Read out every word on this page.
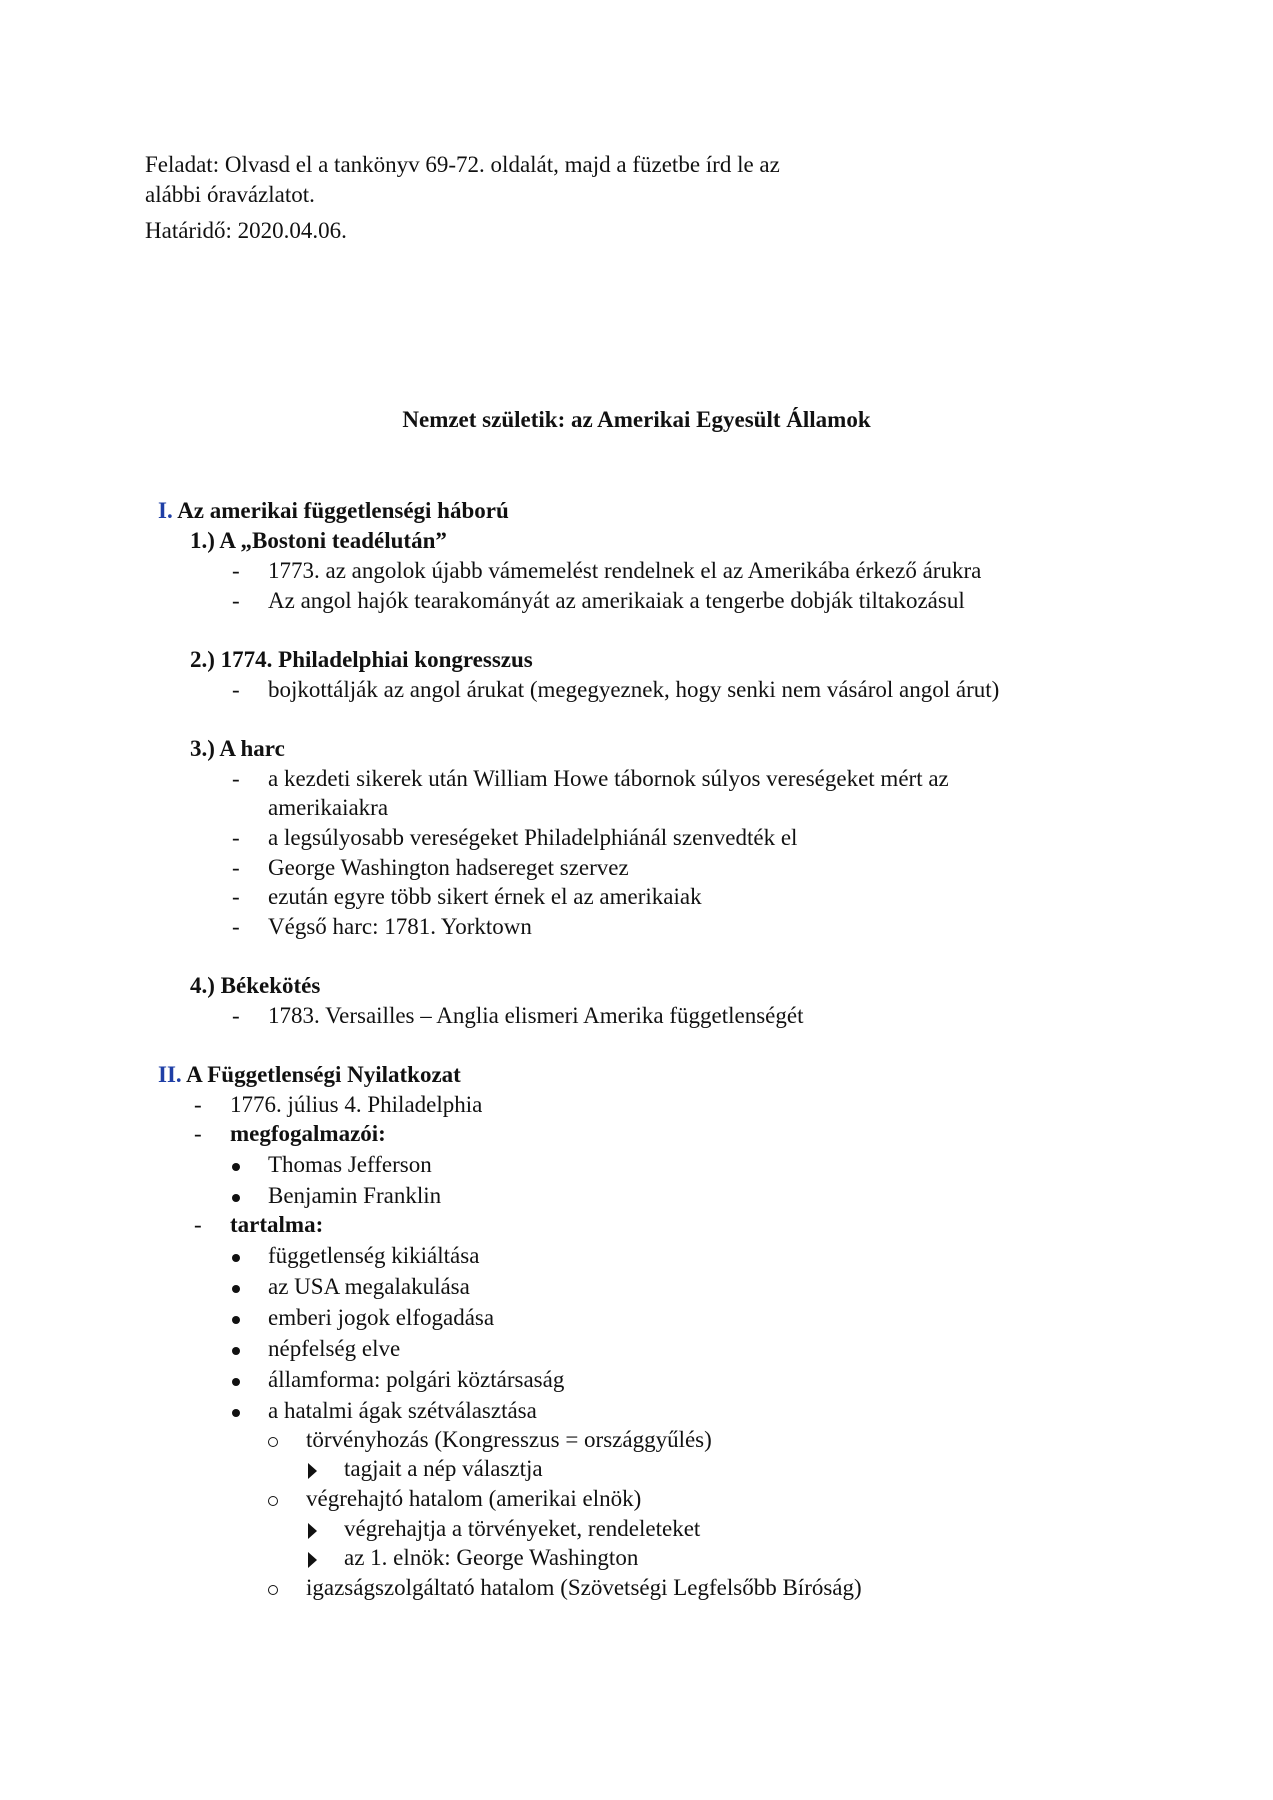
Feladat: Olvasd el a tankönyv 69-72. oldalát, majd a füzetbe írd le az
alábbi óravázlatot.
Határidő: 2020.04.06.
Nemzet születik: az Amerikai Egyesült Államok
I. Az amerikai függetlenségi háború
1.) A „Bostoni teadélután”
- 1773. az angolok újabb vámemelést rendelnek el az Amerikába érkező árukra
- Az angol hajók tearakományát az amerikaiak a tengerbe dobják tiltakozásul
2.) 1774. Philadelphiai kongresszus
- bojkottálják az angol árukat (megegyeznek, hogy senki nem vásárol angol árut)
3.) A harc
- a kezdeti sikerek után William Howe tábornok súlyos vereségeket mért az
amerikaiakra
- a legsúlyosabb vereségeket Philadelphiánál szenvedték el
- George Washington hadsereget szervez
- ezután egyre több sikert érnek el az amerikaiak
- Végső harc: 1781. Yorktown
4.) Békekötés
- 1783. Versailles – Anglia elismeri Amerika függetlenségét
II. A Függetlenségi Nyilatkozat
- 1776. július 4. Philadelphia
- megfogalmazói:
Thomas Jefferson
Benjamin Franklin
- tartalma:
függetlenség kikiáltása
az USA megalakulása
emberi jogok elfogadása
népfelség elve
államforma: polgári köztársaság
a hatalmi ágak szétválasztása
törvényhozás (Kongresszus = országgyűlés)
tagjait a nép választja
végrehajtó hatalom (amerikai elnök)
végrehajtja a törvényeket, rendeleteket
az 1. elnök: George Washington
igazságszolgáltató hatalom (Szövetségi Legfelsőbb Bíróság)
